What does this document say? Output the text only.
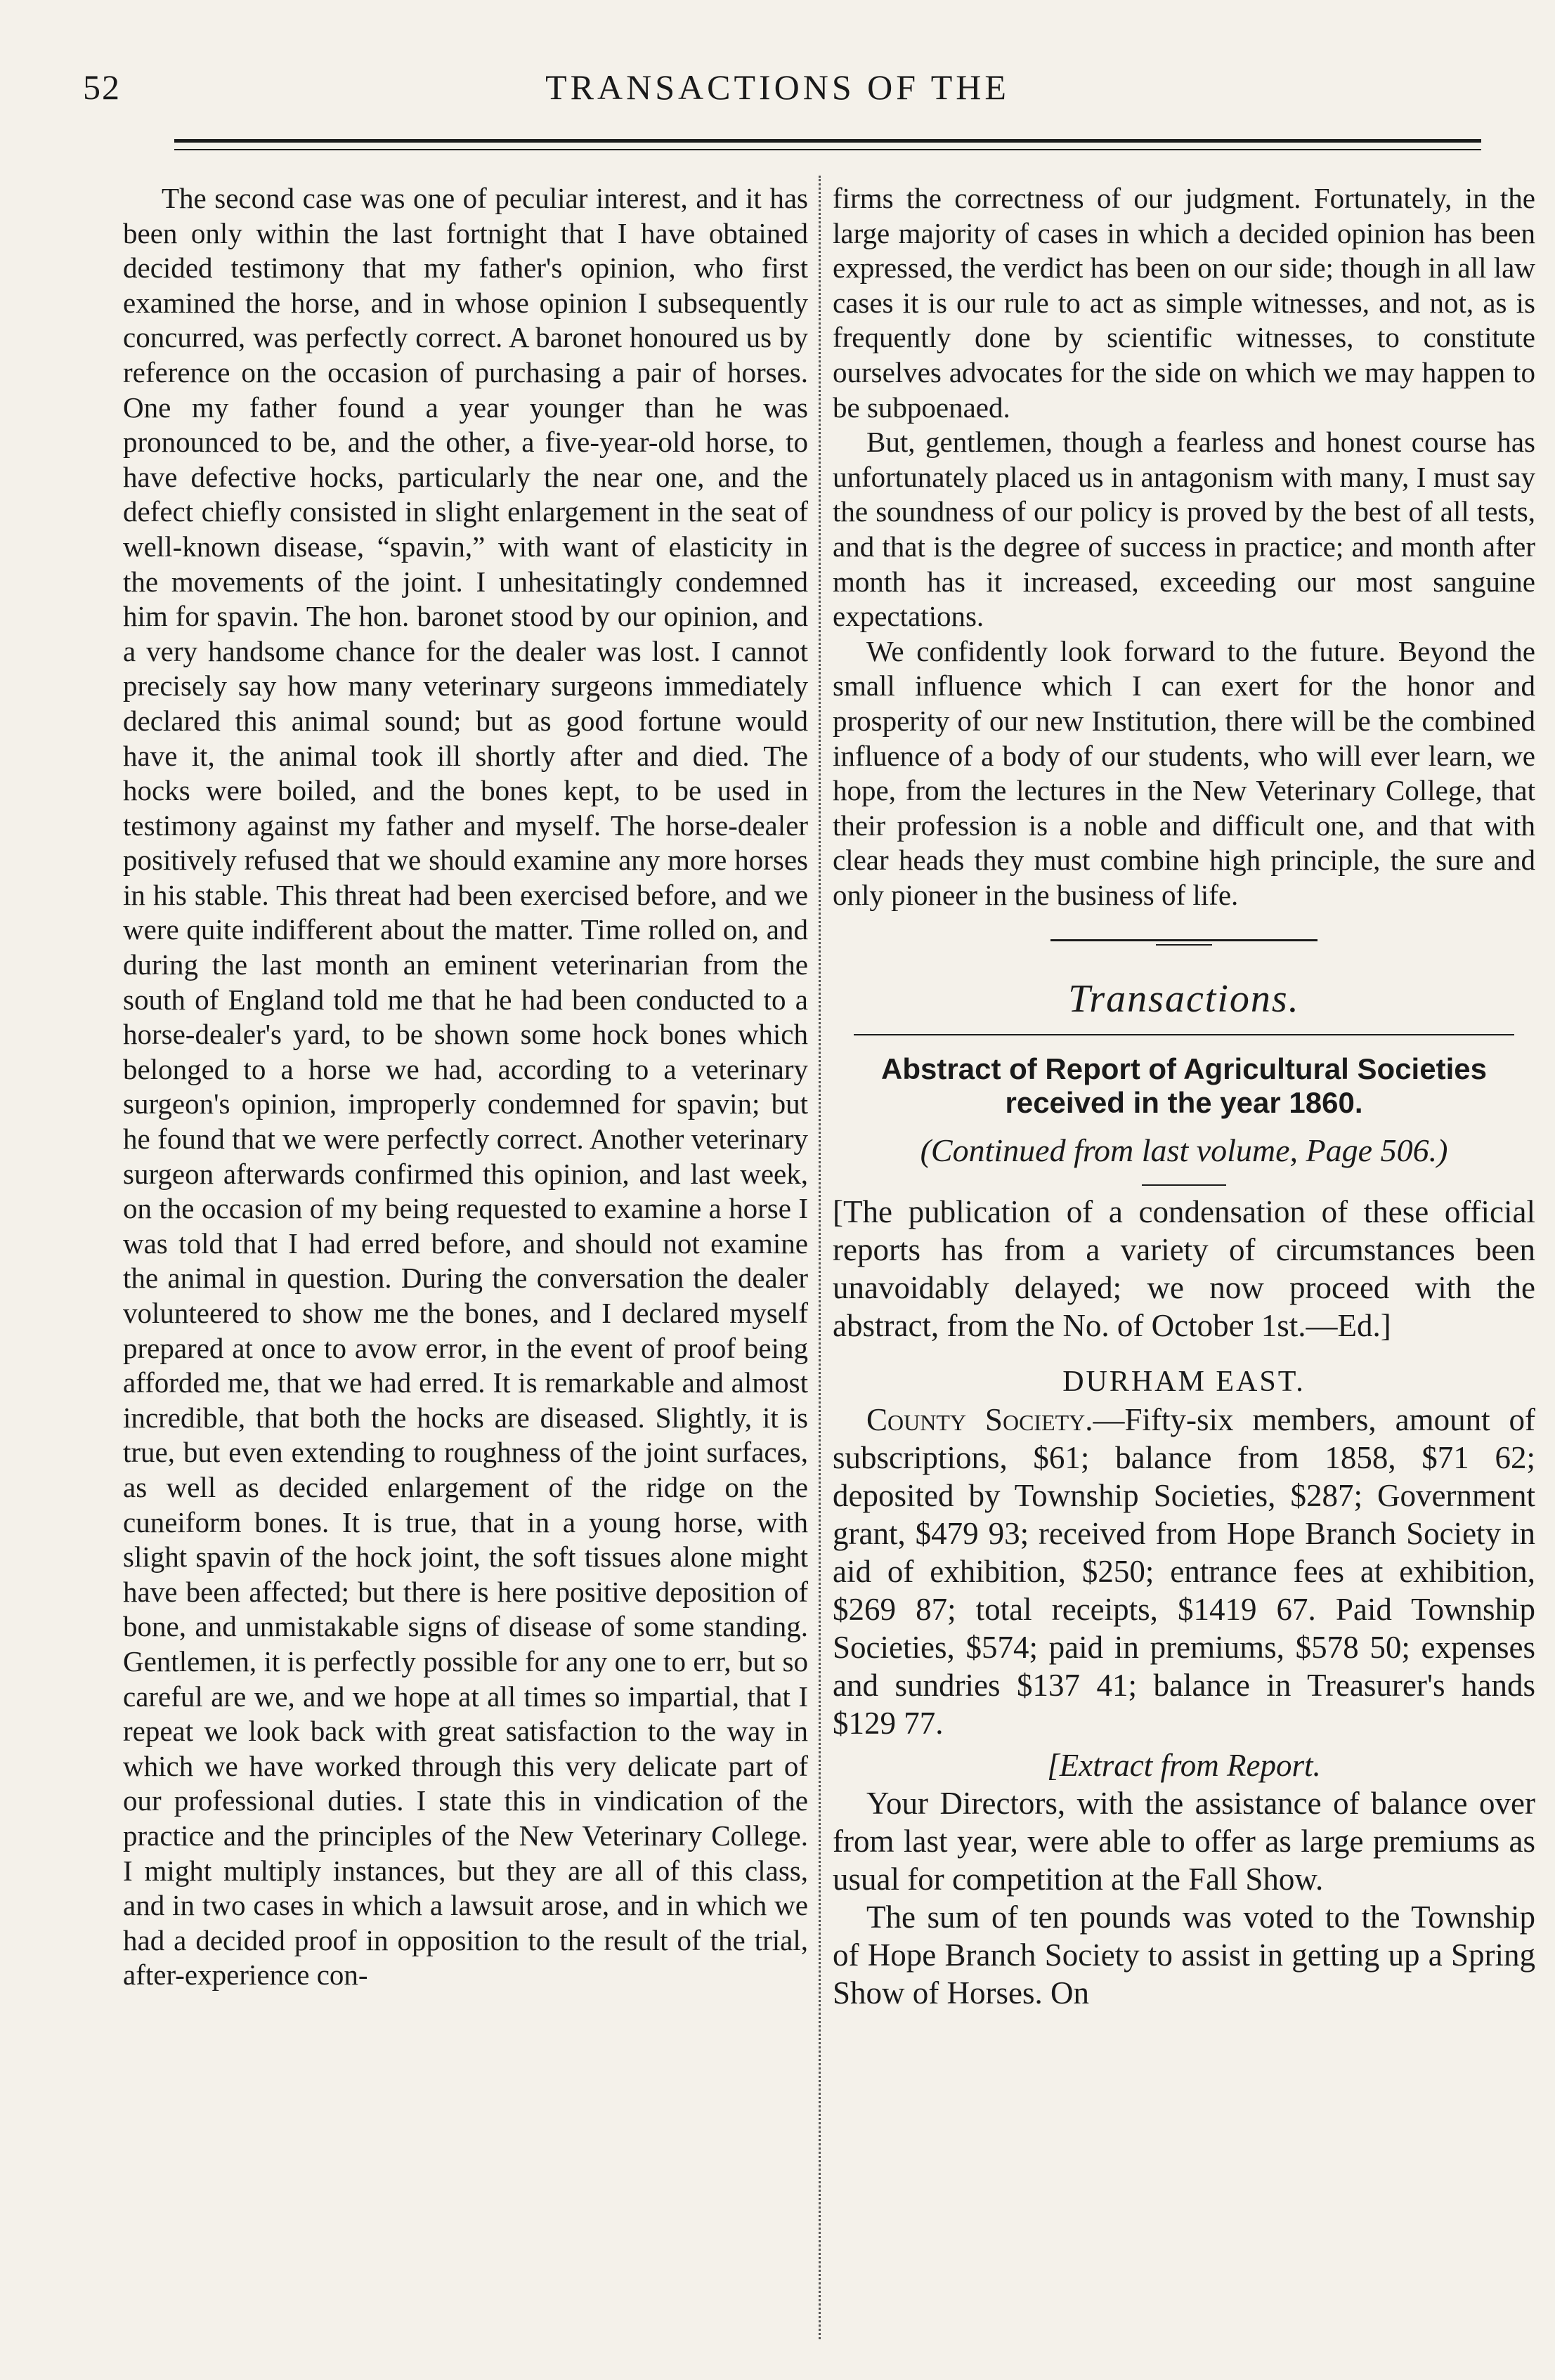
52	TRANSACTIONS OF THE

The second case was one of peculiar interest, and it has been only within the last fortnight that I have obtained decided testimony that my father's opinion, who first examined the horse, and in whose opinion I subsequently concurred, was perfectly correct. A baronet honoured us by reference on the occasion of purchasing a pair of horses. One my father found a year younger than he was pronounced to be, and the other, a five-year-old horse, to have defective hocks, particularly the near one, and the defect chiefly consisted in slight enlargement in the seat of well-known disease, “spavin,” with want of elasticity in the movements of the joint. I unhesitatingly condemned him for spavin. The hon. baronet stood by our opinion, and a very handsome chance for the dealer was lost. I cannot precisely say how many veterinary surgeons immediately declared this animal sound; but as good fortune would have it, the animal took ill shortly after and died. The hocks were boiled, and the bones kept, to be used in testimony against my father and myself. The horse-dealer positively refused that we should examine any more horses in his stable. This threat had been exercised before, and we were quite indifferent about the matter. Time rolled on, and during the last month an eminent veterinarian from the south of England told me that he had been conducted to a horse-dealer's yard, to be shown some hock bones which belonged to a horse we had, according to a veterinary surgeon's opinion, improperly condemned for spavin; but he found that we were perfectly correct. Another veterinary surgeon afterwards confirmed this opinion, and last week, on the occasion of my being requested to examine a horse I was told that I had erred before, and should not examine the animal in question. During the conversation the dealer volunteered to show me the bones, and I declared myself prepared at once to avow error, in the event of proof being afforded me, that we had erred. It is remarkable and almost incredible, that both the hocks are diseased. Slightly, it is true, but even extending to roughness of the joint surfaces, as well as decided enlargement of the ridge on the cuneiform bones. It is true, that in a young horse, with slight spavin of the hock joint, the soft tissues alone might have been affected; but there is here positive deposition of bone, and unmistakable signs of disease of some standing. Gentlemen, it is perfectly possible for any one to err, but so careful are we, and we hope at all times so impartial, that I repeat we look back with great satisfaction to the way in which we have worked through this very delicate part of our professional duties. I state this in vindication of the practice and the principles of the New Veterinary College. I might multiply instances, but they are all of this class, and in two cases in which a lawsuit arose, and in which we had a decided proof in opposition to the result of the trial, after-experience con-

firms the correctness of our judgment. Fortunately, in the large majority of cases in which a decided opinion has been expressed, the verdict has been on our side; though in all law cases it is our rule to act as simple witnesses, and not, as is frequently done by scientific witnesses, to constitute ourselves advocates for the side on which we may happen to be subpoenaed.

But, gentlemen, though a fearless and honest course has unfortunately placed us in antagonism with many, I must say the soundness of our policy is proved by the best of all tests, and that is the degree of success in practice; and month after month has it increased, exceeding our most sanguine expectations.

We confidently look forward to the future. Beyond the small influence which I can exert for the honor and prosperity of our new Institution, there will be the combined influence of a body of our students, who will ever learn, we hope, from the lectures in the New Veterinary College, that their profession is a noble and difficult one, and that with clear heads they must combine high principle, the sure and only pioneer in the business of life.

Transactions.
Abstract of Report of Agricultural Societies received in the year 1860.
(Continued from last volume, Page 506.)

[The publication of a condensation of these official reports has from a variety of circumstances been unavoidably delayed; we now proceed with the abstract, from the No. of October 1st.—Ed.]

DURHAM EAST.

County Society.—Fifty-six members, amount of subscriptions, $61; balance from 1858, $71 62; deposited by Township Societies, $287; Government grant, $479 93; received from Hope Branch Society in aid of exhibition, $250; entrance fees at exhibition, $269 87; total receipts, $1419 67. Paid Township Societies, $574; paid in premiums, $578 50; expenses and sundries $137 41; balance in Treasurer's hands $129 77.

[Extract from Report.

Your Directors, with the assistance of balance over from last year, were able to offer as large premiums as usual for competition at the Fall Show.

The sum of ten pounds was voted to the Township of Hope Branch Society to assist in getting up a Spring Show of Horses. On
